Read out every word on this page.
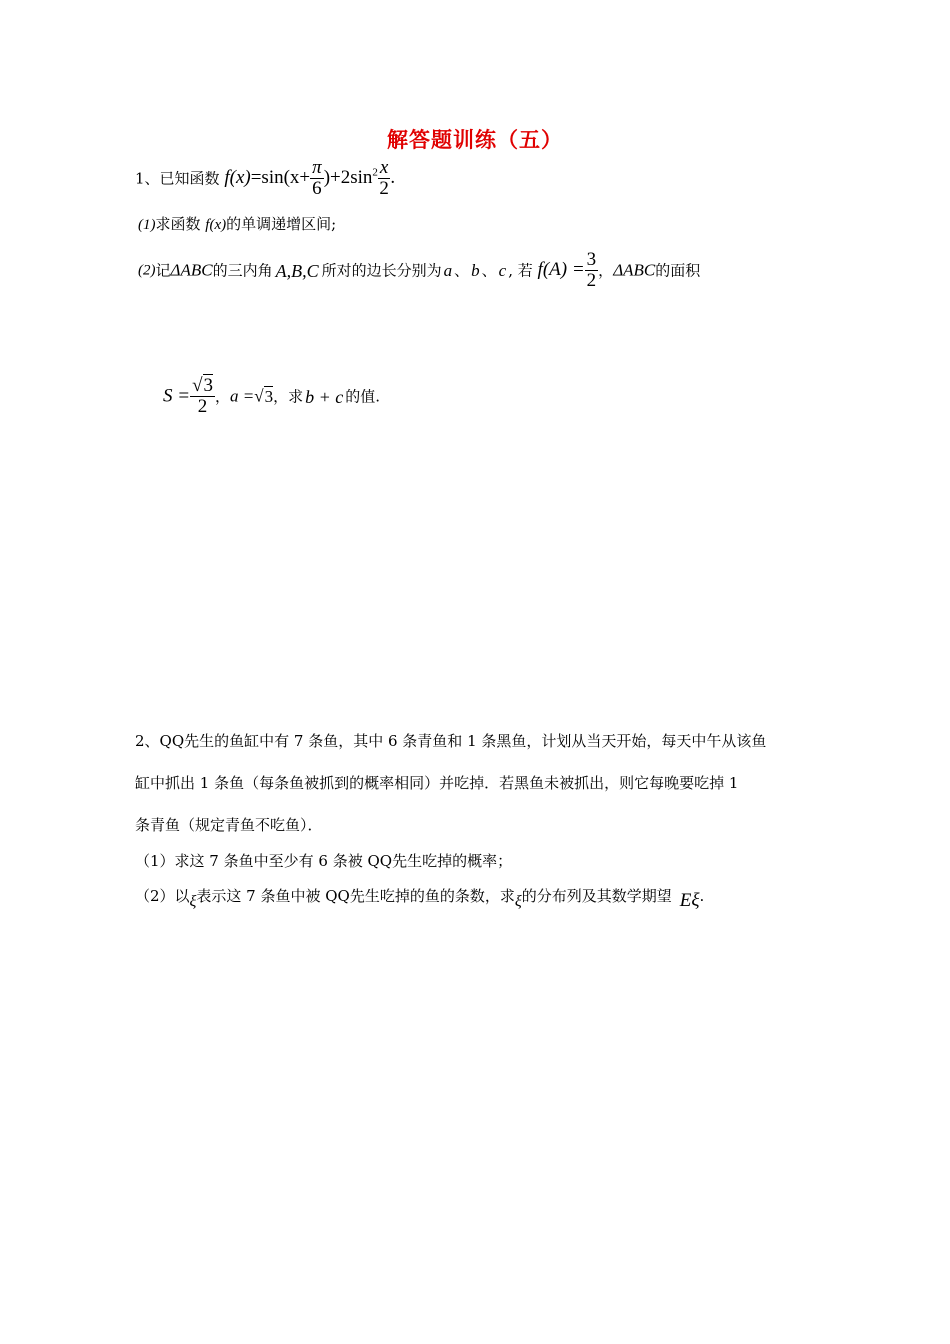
解答题训练（五）
1、已知函数 $f(x)=\sin(x+ \frac{\pi}{6} )+2\sin^2 \frac{x}{2}$ .
(1)求函数 f(x)的单调递增区间;
(2)记ΔABC的三内角 A,B,C 所对的边长分别为 a 、 b 、 c , 若 $f(A) = \frac{3}{2}$ ，ΔABC的面积
$S = \frac{√3}{2}$ ，a =√3，求 b + c 的值.
2、QQ先生的鱼缸中有 7 条鱼，其中 6 条青鱼和 1 条黑鱼，计划从当天开始，每天中午从该鱼
缸中抓出 1 条鱼（每条鱼被抓到的概率相同）并吃掉．若黑鱼未被抓出，则它每晚要吃掉 1
条青鱼（规定青鱼不吃鱼）．
（1）求这 7 条鱼中至少有 6 条被 QQ先生吃掉的概率；
（2）以ξ表示这 7 条鱼中被 QQ先生吃掉的鱼的条数，求ξ的分布列及其数学期望 Eξ.
